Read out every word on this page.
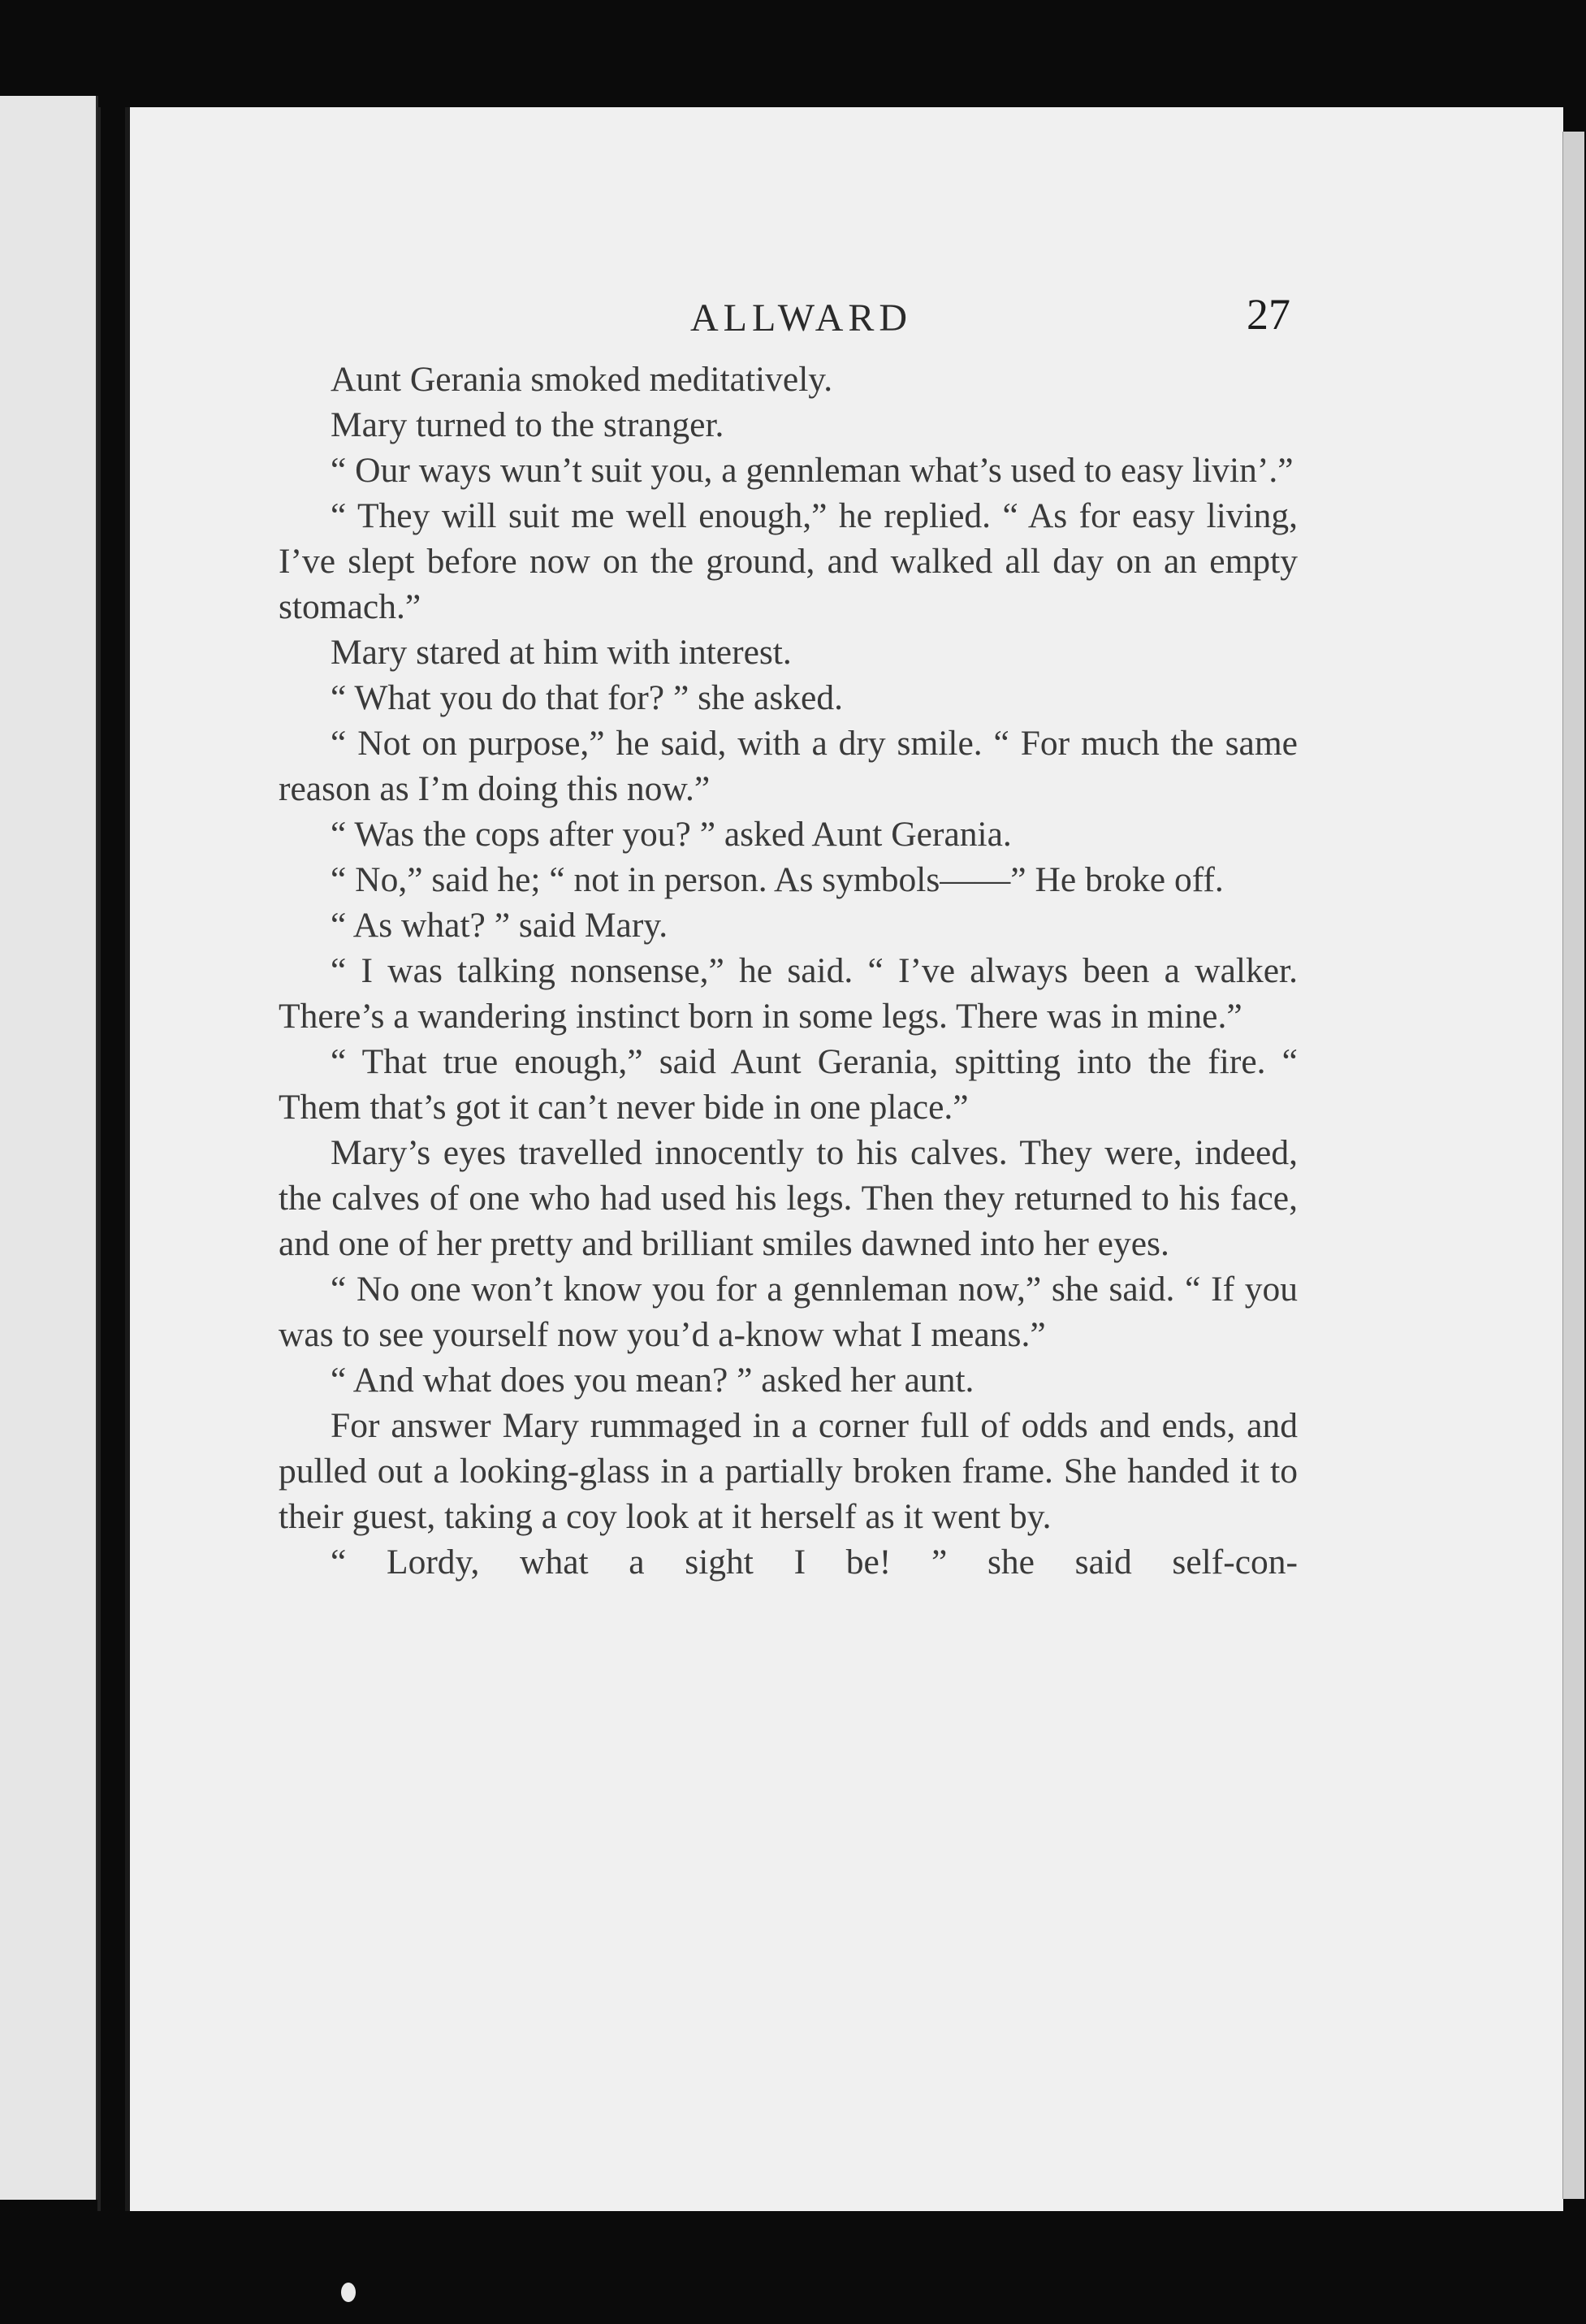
ALLWARD	27

Aunt Gerania smoked meditatively.

Mary turned to the stranger.

“ Our ways wun’t suit you, a gennleman what’s used to easy livin’.”

“ They will suit me well enough,” he replied. “ As for easy living, I’ve slept before now on the ground, and walked all day on an empty stomach.”

Mary stared at him with interest.

“ What you do that for? ” she asked.

“ Not on purpose,” he said, with a dry smile. “ For much the same reason as I’m doing this now.”

“ Was the cops after you? ” asked Aunt Gerania.

“ No,” said he; “ not in person. As symbols——” He broke off.

“ As what? ” said Mary.

“ I was talking nonsense,” he said. “ I’ve always been a walker. There’s a wandering instinct born in some legs. There was in mine.”

“ That true enough,” said Aunt Gerania, spitting into the fire. “ Them that’s got it can’t never bide in one place.”

Mary’s eyes travelled innocently to his calves. They were, indeed, the calves of one who had used his legs. Then they returned to his face, and one of her pretty and brilliant smiles dawned into her eyes.

“ No one won’t know you for a gennleman now,” she said. “ If you was to see yourself now you’d a-know what I means.”

“ And what does you mean? ” asked her aunt.

For answer Mary rummaged in a corner full of odds and ends, and pulled out a looking-glass in a partially broken frame. She handed it to their guest, taking a coy look at it herself as it went by.

“ Lordy, what a sight I be! ” she said self-con-
